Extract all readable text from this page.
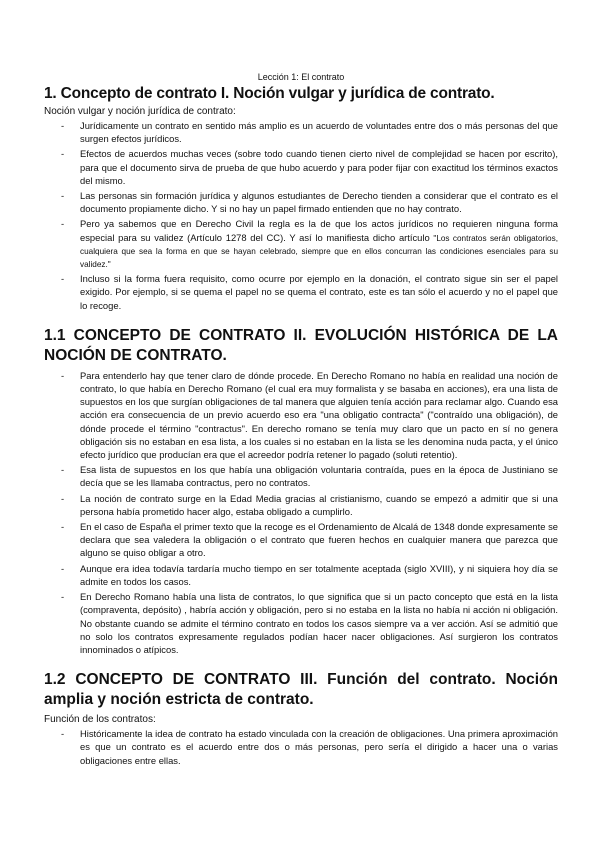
Lección 1: El contrato
1. Concepto de contrato I. Noción vulgar y jurídica de contrato.
Noción vulgar y noción jurídica de contrato:
- Jurídicamente un contrato en sentido más amplio es un acuerdo de voluntades entre dos o más personas del que surgen efectos jurídicos.
- Efectos de acuerdos muchas veces (sobre todo cuando tienen cierto nivel de complejidad se hacen por escrito), para que el documento sirva de prueba de que hubo acuerdo y para poder fijar con exactitud los términos exactos del mismo.
- Las personas sin formación jurídica y algunos estudiantes de Derecho tienden a considerar que el contrato es el documento propiamente dicho. Y si no hay un papel firmado entienden que no hay contrato.
- Pero ya sabemos que en Derecho Civil la regla es la de que los actos jurídicos no requieren ninguna forma especial para su validez (Artículo 1278 del CC). Y así lo manifiesta dicho artículo "Los contratos serán obligatorios, cualquiera que sea la forma en que se hayan celebrado, siempre que en ellos concurran las condiciones esenciales para su validez."
- Incluso si la forma fuera requisito, como ocurre por ejemplo en la donación, el contrato sigue sin ser el papel exigido. Por ejemplo, si se quema el papel no se quema el contrato, este es tan sólo el acuerdo y no el papel que lo recoge.
1.1 CONCEPTO DE CONTRATO II. EVOLUCIÓN HISTÓRICA DE LA NOCIÓN DE CONTRATO.
- Para entenderlo hay que tener claro de dónde procede. En Derecho Romano no había en realidad una noción de contrato, lo que había en Derecho Romano (el cual era muy formalista y se basaba en acciones), era una lista de supuestos en los que surgían obligaciones de tal manera que alguien tenía acción para reclamar algo. Cuando esa acción era consecuencia de un previo acuerdo eso era "una obligatio contracta" ("contraído una obligación), de dónde procede el término "contractus". En derecho romano se tenía muy claro que un pacto en sí no genera obligación sis no estaban en esa lista, a los cuales si no estaban en la lista se les denomina nuda pacta, y el único efecto jurídico que producían era que el acreedor podría retener lo pagado (soluti retentio).
- Esa lista de supuestos en los que había una obligación voluntaria contraída, pues en la época de Justiniano se decía que se les llamaba contractus, pero no contratos.
- La noción de contrato surge en la Edad Media gracias al cristianismo, cuando se empezó a admitir que si una persona había prometido hacer algo, estaba obligado a cumplirlo.
- En el caso de España el primer texto que la recoge es el Ordenamiento de Alcalá de 1348 donde expresamente se declara que sea valedera la obligación o el contrato que fueren hechos en cualquier manera que parezca que alguno se quiso obligar a otro.
- Aunque era idea todavía tardaría mucho tiempo en ser totalmente aceptada (siglo XVIII), y ni siquiera hoy día se admite en todos los casos.
- En Derecho Romano había una lista de contratos, lo que significa que si un pacto concepto que está en la lista (compraventa, depósito) , habría acción y obligación, pero si no estaba en la lista no había ni acción ni obligación. No obstante cuando se admite el término contrato en todos los casos siempre va a ver acción. Así se admitió que no solo los contratos expresamente regulados podían hacer nacer obligaciones. Así surgieron los contratos innominados o atípicos.
1.2 CONCEPTO DE CONTRATO III. Función del contrato. Noción amplia y noción estricta de contrato.
Función de los contratos:
- Históricamente la idea de contrato ha estado vinculada con la creación de obligaciones. Una primera aproximación es que un contrato es el acuerdo entre dos o más personas, pero sería el dirigido a hacer una o varias obligaciones entre ellas.
